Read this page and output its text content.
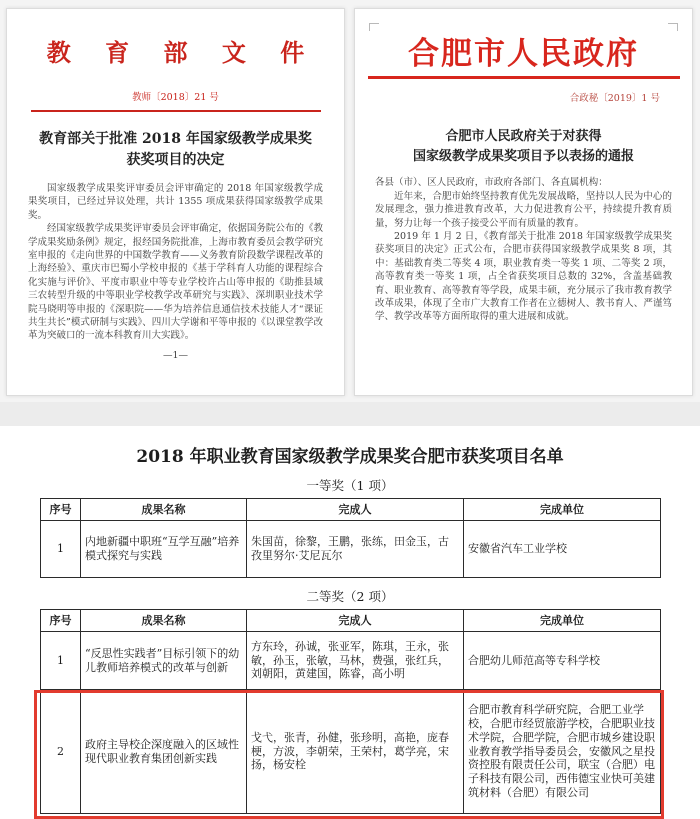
教 育 部 文 件
教师〔2018〕21 号
教育部关于批准 2018 年国家级教学成果奖
获奖项目的决定

国家级教学成果奖评审委员会评审确定的 2018 年国家级教学成果奖项目，已经过异议处理，共计 1355 项成果获得国家级教学成果奖。

经国家级教学成果奖评审委员会评审确定，依据国务院公布的《教学成果奖励条例》规定，报经国务院批准，上海市教育委员会教学研究室申报的《走向世界的中国数学教育——义务教育阶段数学课程改革的上海经验》、重庆市巴蜀小学校申报的《基于学科育人功能的课程综合化实施与评价》、平度市职业中等专业学校许占山等申报的《助推县域三农转型升级的中等职业学校教学改革研究与实践》、深圳职业技术学院马晓明等申报的《深职院——华为培养信息通信技术技能人才“课证共生共长”模式研制与实践》、四川大学谢和平等申报的《以课堂教学改革为突破口的一流本科教育川大实践》。

—1—
合肥市人民政府
合政秘〔2019〕1 号
合肥市人民政府关于对获得
国家级教学成果奖项目予以表扬的通报

各县（市）、区人民政府，市政府各部门、各直属机构：

近年来，合肥市始终坚持教育优先发展战略，坚持以人民为中心的发展理念，强力推进教育改革，大力促进教育公平，持续提升教育质量，努力让每一个孩子接受公平而有质量的教育。

2019 年 1 月 2 日，《教育部关于批准 2018 年国家级教学成果奖获奖项目的决定》正式公布，合肥市获得国家级教学成果奖 8 项，其中：基础教育类二等奖 4 项，职业教育类一等奖 1 项、二等奖 2 项，高等教育类一等奖 1 项，占全省获奖项目总数的 32%，含盖基础教育、职业教育、高等教育等学段，成果丰硕，充分展示了我市教育教学改革成果，体现了全市广大教育工作者在立德树人、教书育人、严谨笃学、教学改革等方面所取得的重大进展和成就。

2018 年职业教育国家级教学成果奖合肥市获奖项目名单
一等奖（1 项）
序号	成果名称	完成人	完成单位
1	内地新疆中职班“互学互融”培养模式探究与实践	朱国苗，徐黎，王鹏，张练，田金玉，古孜里努尔·艾尼瓦尔	安徽省汽车工业学校
二等奖（2 项）
序号	成果名称	完成人	完成单位
1	“反思性实践者”目标引领下的幼儿教师培养模式的改革与创新	方东玲，孙诚，张亚军，陈琪，王永，张敏，孙玉，张敏，马林，费强，张红兵，刘朝阳，黄建国，陈睿，高小明	合肥幼儿师范高等专科学校
2	政府主导校企深度融入的区域性现代职业教育集团创新实践	戈弋，张青，孙健，张珍明，高艳，庞春梗，方波，李朝荣，王荣村，葛学亮，宋扬，杨安栓	合肥市教育科学研究院，合肥工业学校，合肥市经贸旅游学校，合肥职业技术学院，合肥学院，合肥市城乡建设职业教育教学指导委员会，安徽风之星投资控股有限责任公司，联宝（合肥）电子科技有限公司，西伟德宝业快可美建筑材料（合肥）有限公司
